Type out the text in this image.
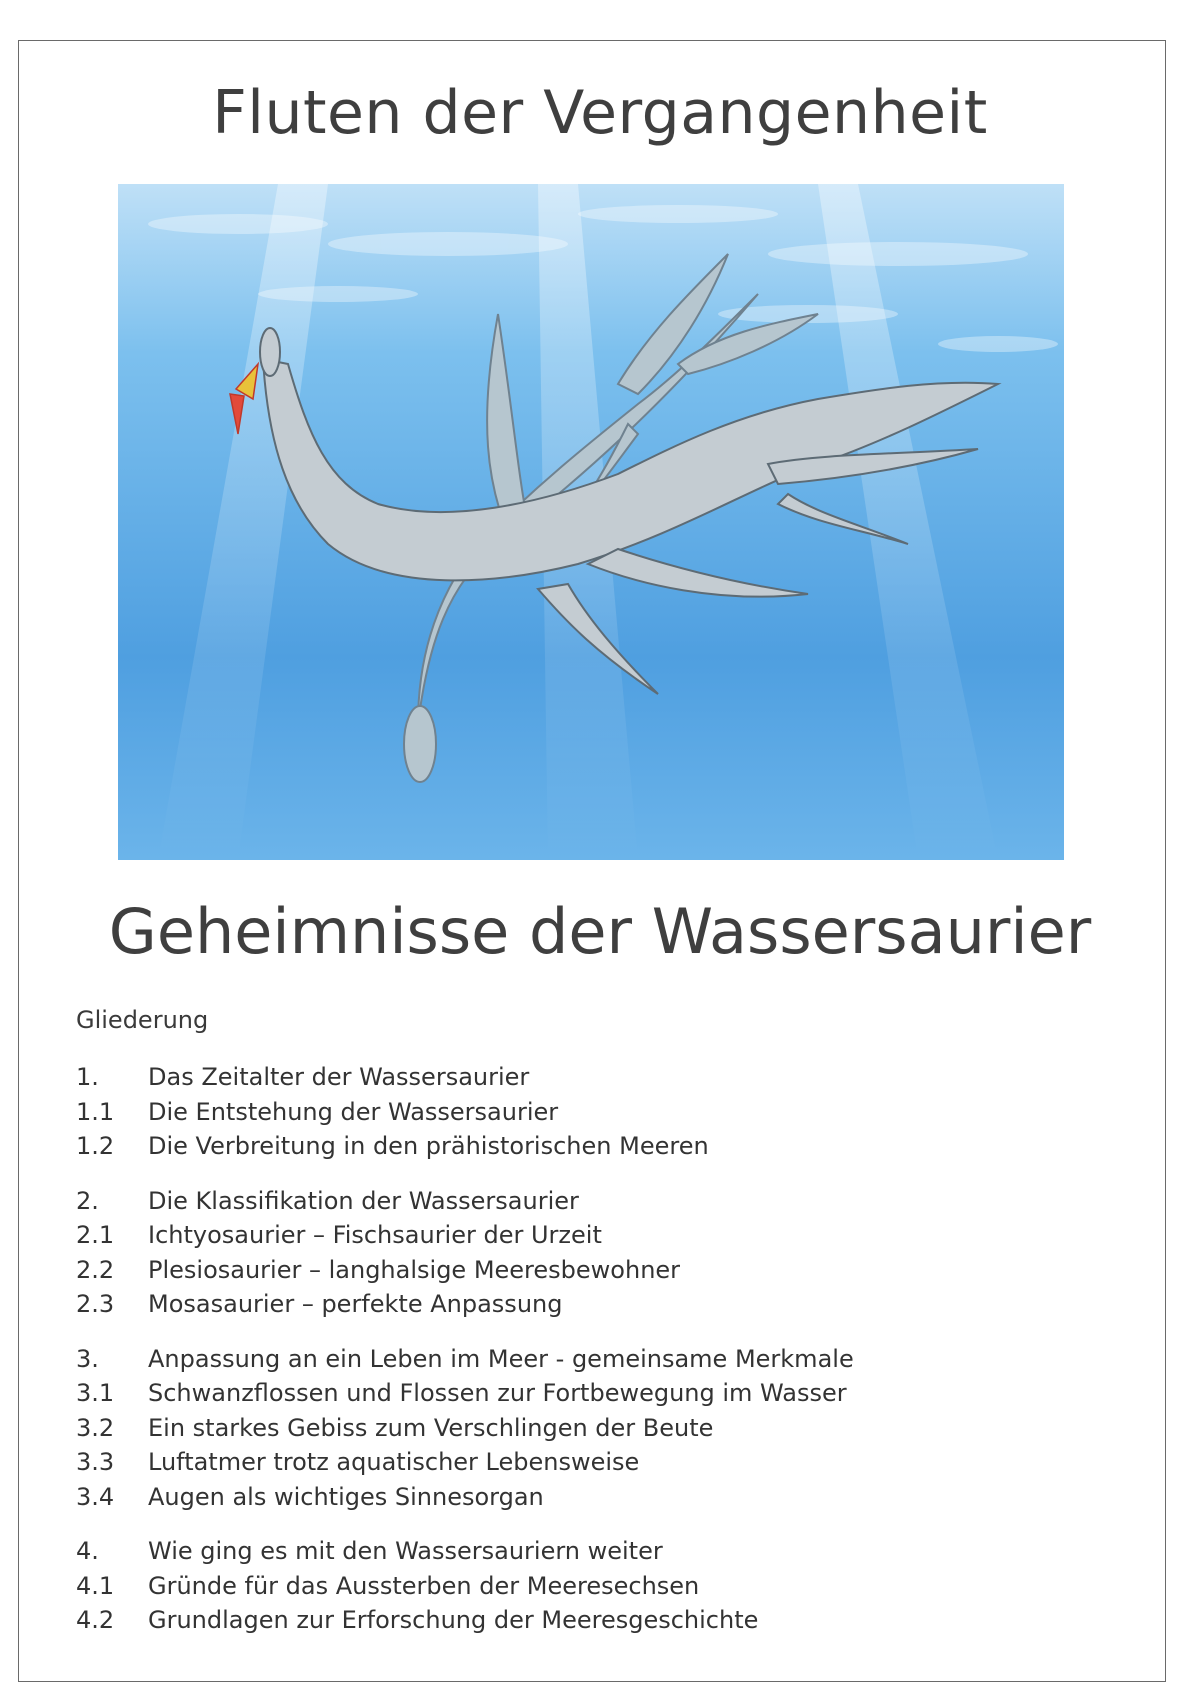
Fluten der Vergangenheit
Geheimnisse der Wassersaurier
Gliederung
1.	Das Zeitalter der Wassersaurier
1.1	Die Entstehung der Wassersaurier
1.2	Die Verbreitung in den prähistorischen Meeren
2.	Die Klassifikation der Wassersaurier
2.1	Ichtyosaurier – Fischsaurier der Urzeit
2.2	Plesiosaurier – langhalsige Meeresbewohner
2.3	Mosasaurier – perfekte Anpassung
3.	Anpassung an ein Leben im Meer - gemeinsame Merkmale
3.1	Schwanzflossen und Flossen zur Fortbewegung im Wasser
3.2	Ein starkes Gebiss zum Verschlingen der Beute
3.3	Luftatmer trotz aquatischer Lebensweise
3.4	Augen als wichtiges Sinnesorgan
4.	Wie ging es mit den Wassersauriern weiter
4.1	Gründe für das Aussterben der Meeresechsen
4.2	Grundlagen zur Erforschung der Meeresgeschichte
